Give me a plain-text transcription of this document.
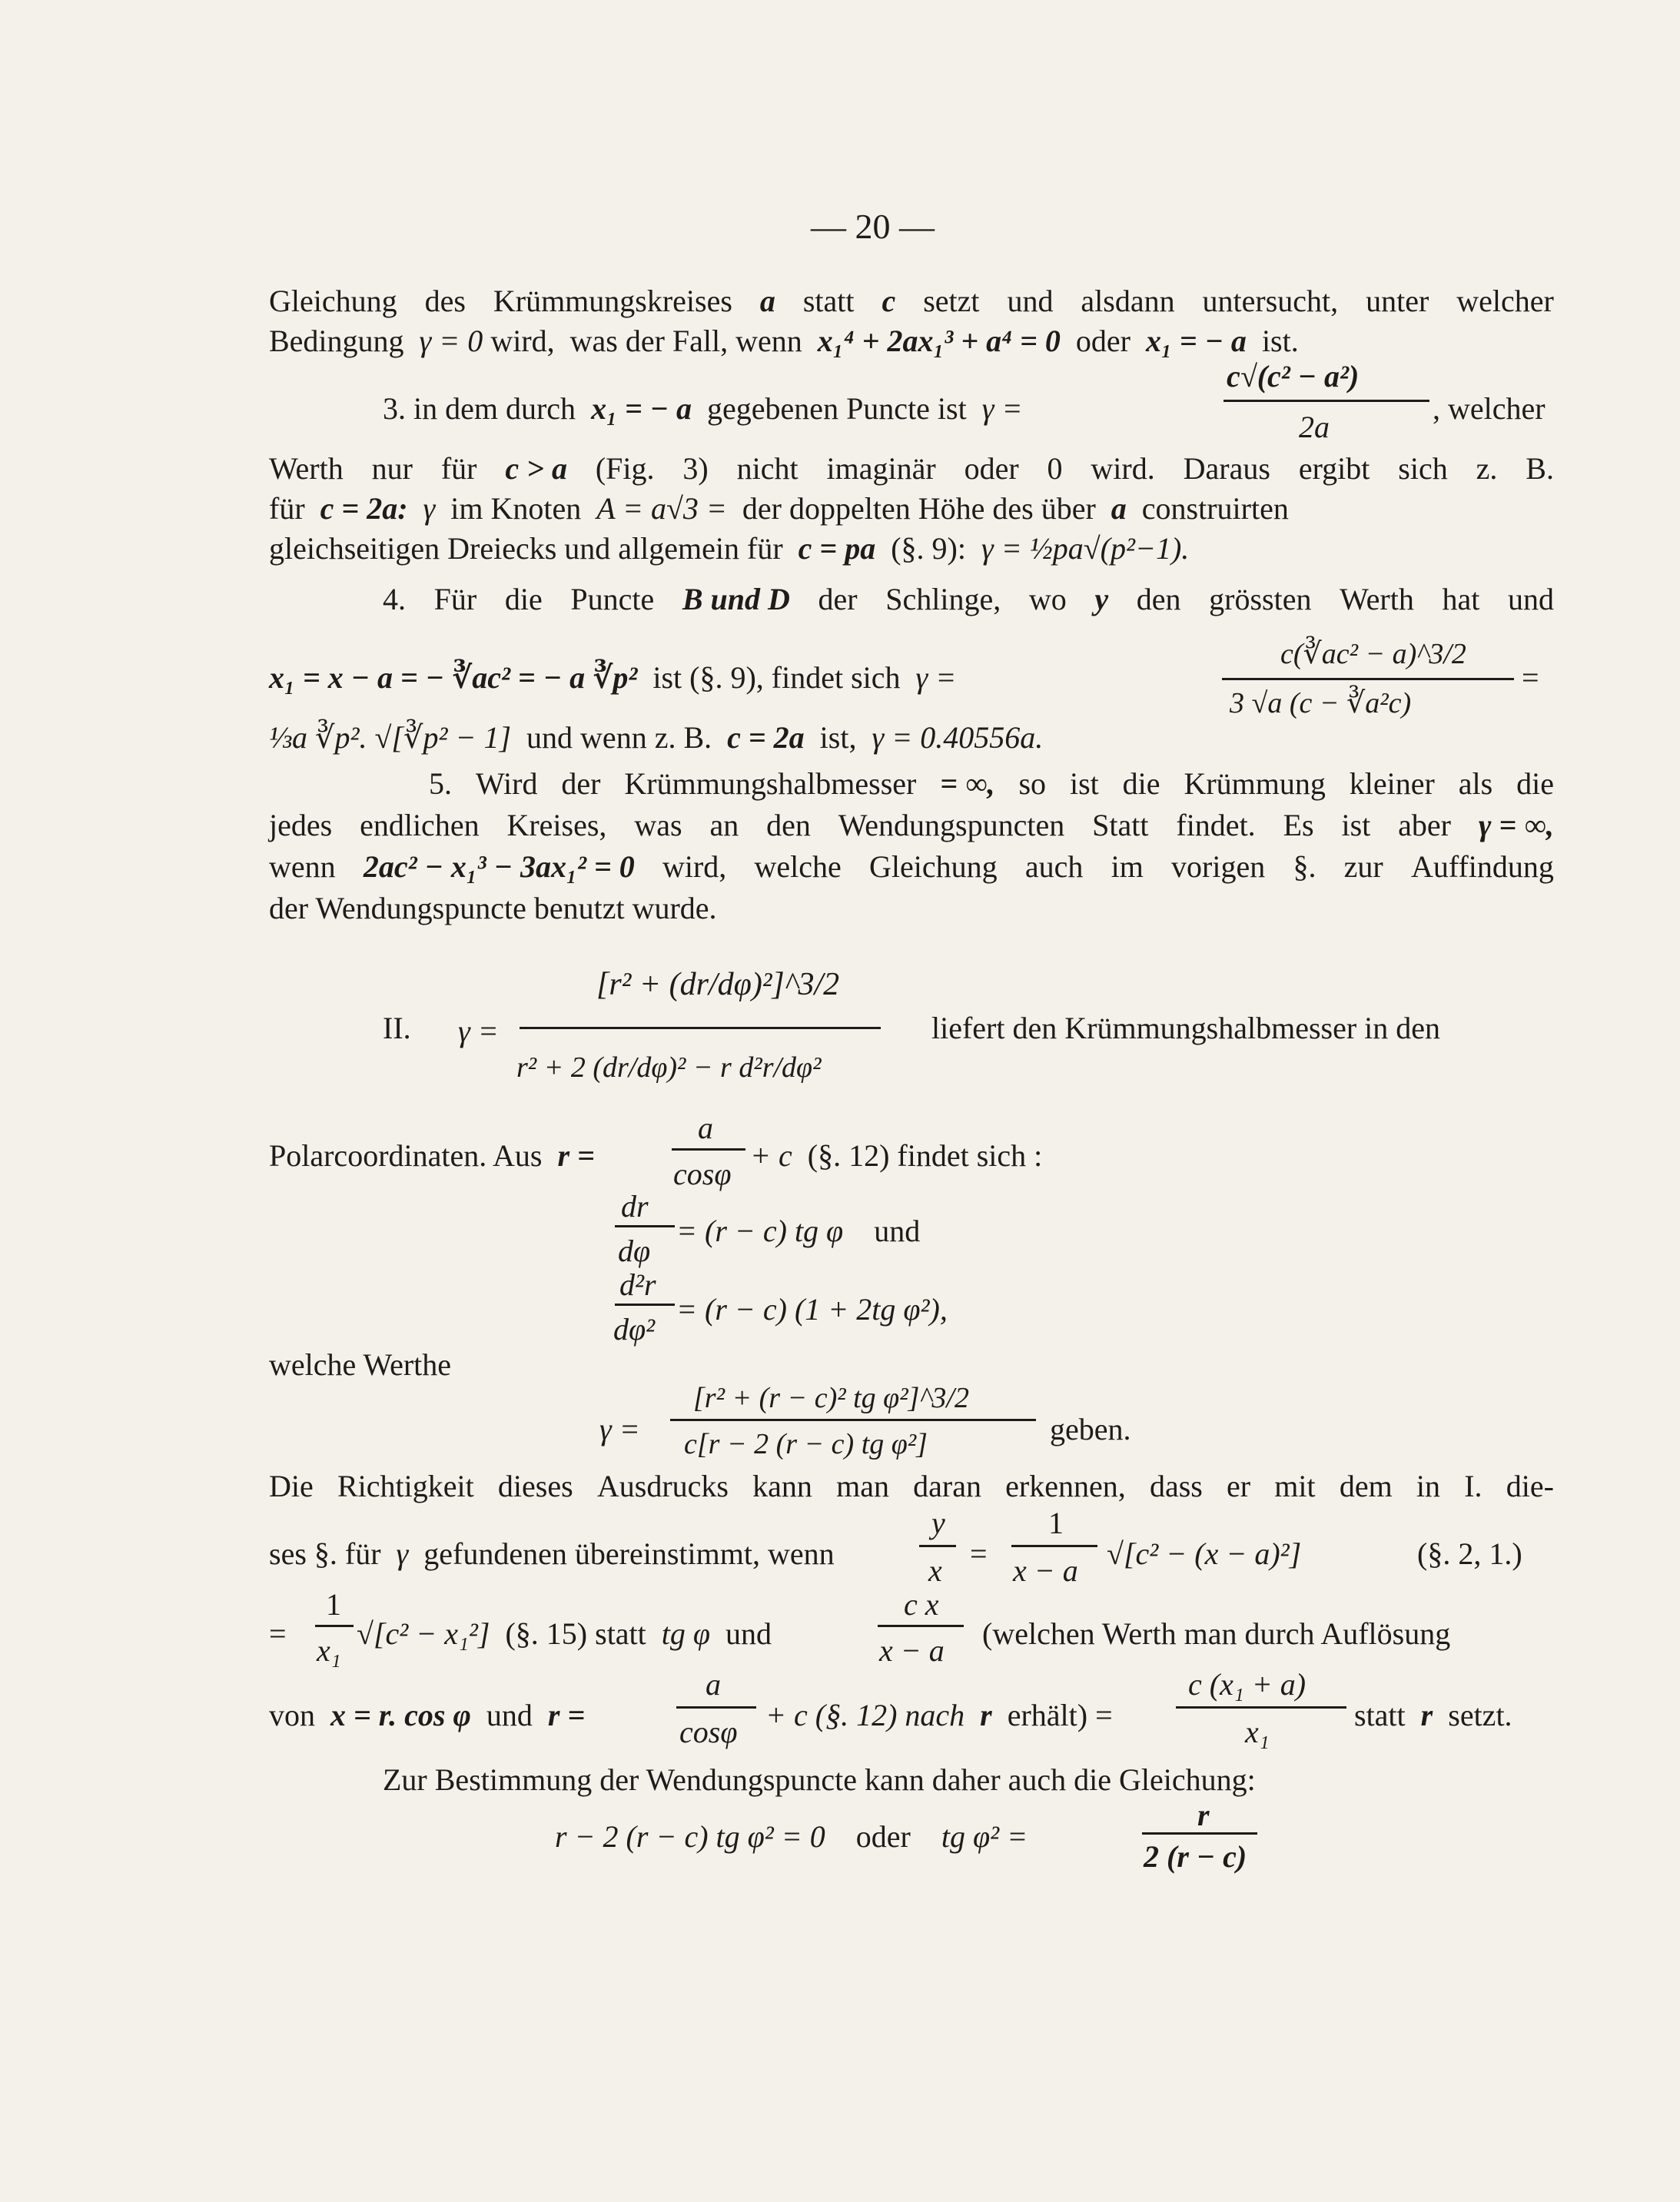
— 20 —
Gleichung des Krümmungskreises a statt c setzt und alsdann untersucht, unter welcher
Bedingung γ = 0 wird, was der Fall, wenn x₁⁴ + 2ax₁³ + a⁴ = 0 oder x₁ = − a ist.
3. in dem durch x₁ = − a gegebenen Puncte ist γ =
c√(c² − a²)
2a
, welcher
Werth nur für c > a (Fig. 3) nicht imaginär oder 0 wird. Daraus ergibt sich z. B.
für c = 2a: γ im Knoten A = a√3 = der doppelten Höhe des über a construirten
gleichseitigen Dreiecks und allgemein für c = pa (§. 9): γ = ½pa√(p²−1).
4. Für die Puncte B und D der Schlinge, wo y den grössten Werth hat und
x₁ = x − a = − ∛ac² = − a ∛p² ist (§. 9), findet sich γ =
c(∛ac² − a)^3/2
3 √a (c − ∛a²c)
=
⅓a ∛p². √[∛p² − 1] und wenn z. B. c = 2a ist, γ = 0.40556a.
5. Wird der Krümmungshalbmesser = ∞, so ist die Krümmung kleiner als die
jedes endlichen Kreises, was an den Wendungspuncten Statt findet. Es ist aber γ = ∞,
wenn 2ac² − x₁³ − 3ax₁² = 0 wird, welche Gleichung auch im vorigen §. zur Auffindung
der Wendungspuncte benutzt wurde.
II. γ =
[r² + (dr/dφ)²]^3/2
r² + 2 (dr/dφ)² − r d²r/dφ²
liefert den Krümmungshalbmesser in den
Polarcoordinaten. Aus r =
a
cosφ
+ c (§. 12) findet sich :
dr
dφ
= (r − c) tg φ und
d²r
dφ²
= (r − c) (1 + 2tg φ²),
welche Werthe
γ =
[r² + (r − c)² tg φ²]^3/2
c[r − 2 (r − c) tg φ²]	geben.
Die Richtigkeit dieses Ausdrucks kann man daran erkennen, dass er mit dem in I. die-
ses §. für γ gefundenen übereinstimmt, wenn
y
x =
1
x − a √[c² − (x − a)²]	(§. 2, 1.)
=
1
x₁ √[c² − x₁²] (§. 15) statt tg φ und
c x
x − a (welchen Werth man durch Auflösung
von x = r. cos φ und r =
a
cosφ + c (§. 12) nach r erhält) =
c (x₁ + a)
x₁	statt r setzt.
Zur Bestimmung der Wendungspuncte kann daher auch die Gleichung:
r − 2 (r − c) tg φ² = 0 oder tg φ² =
r
2 (r − c)
